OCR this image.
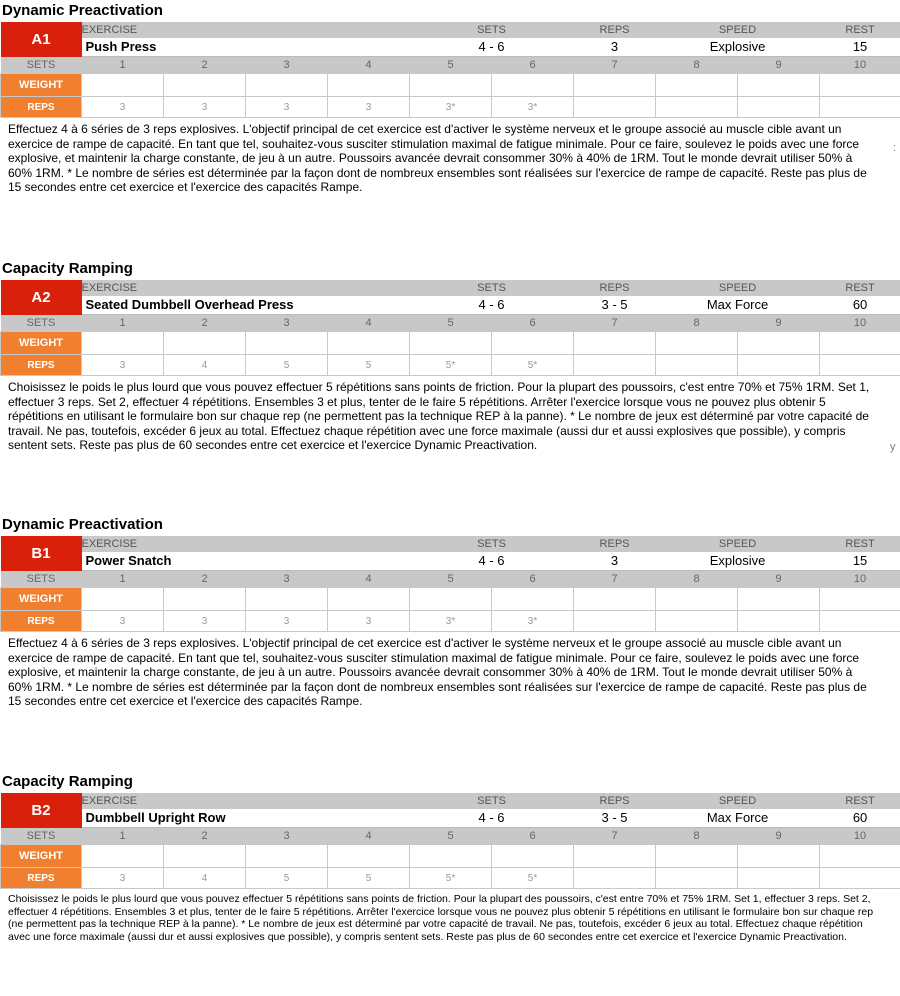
Dynamic Preactivation
A1	EXERCISE				SETS		REPS	SPEED		REST
	Push Press				4 - 6		3	Explosive		15
SETS	1	2	3	4	5	6	7	8	9	10
WEIGHT										
REPS	3	3	3	3	3*	3*				
Effectuez 4 à 6 séries de 3 reps explosives. L'objectif principal de cet exercice est d'activer le système nerveux et le groupe associé au muscle cible avant un exercice de rampe de capacité. En tant que tel, souhaitez-vous susciter stimulation maximal de fatigue minimale. Pour ce faire, soulevez le poids avec une force explosive, et maintenir la charge constante, de jeu à un autre. Poussoirs avancée devrait consommer 30% à 40% de 1RM. Tout le monde devrait utiliser 50% à 60% 1RM. * Le nombre de séries est déterminée par la façon dont de nombreux ensembles sont réalisées sur l'exercice de rampe de capacité. Reste pas plus de 15 secondes entre cet exercice et l'exercice des capacités Rampe.
Capacity Ramping
A2	EXERCISE				SETS		REPS	SPEED		REST
	Seated Dumbbell Overhead Press				4 - 6		3 - 5	Max Force		60
SETS	1	2	3	4	5	6	7	8	9	10
WEIGHT										
REPS	3	4	5	5	5*	5*				
Choisissez le poids le plus lourd que vous pouvez effectuer 5 répétitions sans points de friction. Pour la plupart des poussoirs, c'est entre 70% et 75% 1RM. Set 1, effectuer 3 reps. Set 2, effectuer 4 répétitions. Ensembles 3 et plus, tenter de le faire 5 répétitions. Arrêter l'exercice lorsque vous ne pouvez plus obtenir 5 répétitions en utilisant le formulaire bon sur chaque rep (ne permettent pas la technique REP à la panne). * Le nombre de jeux est déterminé par votre capacité de travail. Ne pas, toutefois, excéder 6 jeux au total. Effectuez chaque répétition avec une force maximale (aussi dur et aussi explosives que possible), y compris sentent sets. Reste pas plus de 60 secondes entre cet exercice et l'exercice Dynamic Preactivation.
Dynamic Preactivation
B1	EXERCISE				SETS		REPS	SPEED		REST
	Power Snatch				4 - 6		3	Explosive		15
SETS	1	2	3	4	5	6	7	8	9	10
WEIGHT										
REPS	3	3	3	3	3*	3*				
Effectuez 4 à 6 séries de 3 reps explosives. L'objectif principal de cet exercice est d'activer le système nerveux et le groupe associé au muscle cible avant un exercice de rampe de capacité. En tant que tel, souhaitez-vous susciter stimulation maximal de fatigue minimale. Pour ce faire, soulevez le poids avec une force explosive, et maintenir la charge constante, de jeu à un autre. Poussoirs avancée devrait consommer 30% à 40% de 1RM. Tout le monde devrait utiliser 50% à 60% 1RM. * Le nombre de séries est déterminée par la façon dont de nombreux ensembles sont réalisées sur l'exercice de rampe de capacité. Reste pas plus de 15 secondes entre cet exercice et l'exercice des capacités Rampe.
Capacity Ramping
B2	EXERCISE				SETS		REPS	SPEED		REST
	Dumbbell Upright Row				4 - 6		3 - 5	Max Force		60
SETS	1	2	3	4	5	6	7	8	9	10
WEIGHT										
REPS	3	4	5	5	5*	5*				
Choisissez le poids le plus lourd que vous pouvez effectuer 5 répétitions sans points de friction. Pour la plupart des poussoirs, c'est entre 70% et 75% 1RM. Set 1, effectuer 3 reps. Set 2, effectuer 4 répétitions. Ensembles 3 et plus, tenter de le faire 5 répétitions. Arrêter l'exercice lorsque vous ne pouvez plus obtenir 5 répétitions en utilisant le formulaire bon sur chaque rep (ne permettent pas la technique REP à la panne). * Le nombre de jeux est déterminé par votre capacité de travail. Ne pas, toutefois, excéder 6 jeux au total. Effectuez chaque répétition avec une force maximale (aussi dur et aussi explosives que possible), y compris sentent sets. Reste pas plus de 60 secondes entre cet exercice et l'exercice Dynamic Preactivation.
:
y
